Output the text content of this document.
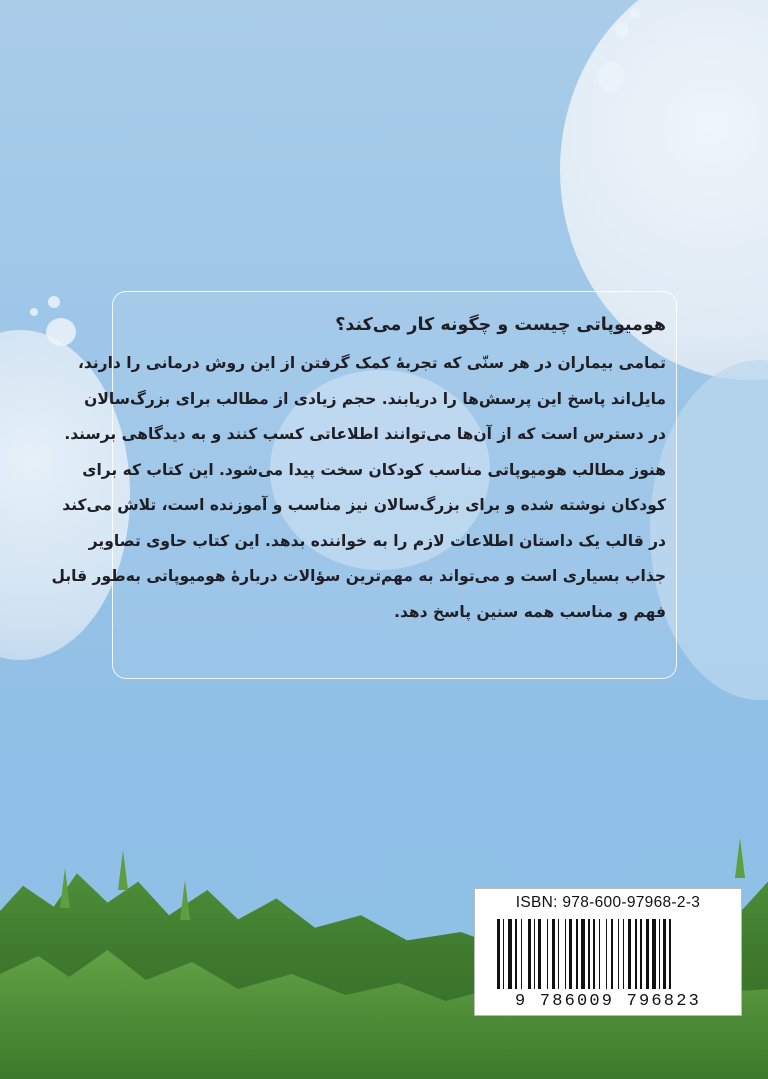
هومیوپاتی چیست و چگونه کار می‌کند؟

تمامی بیماران در هر سنّی که تجربهٔ کمک گرفتن از این روش درمانی را دارند،

مایل‌اند پاسخ این پرسش‌ها را دریابند. حجم زیادی از مطالب برای بزرگ‌سالان

در دسترس است که از آن‌ها می‌توانند اطلاعاتی کسب کنند و به دیدگاهی برسند.

هنوز مطالب هومیوپاتی مناسب کودکان سخت پیدا می‌شود. این کتاب که برای

کودکان نوشته شده و برای بزرگ‌سالان نیز مناسب و آموزنده است، تلاش می‌کند

در قالب یک داستان اطلاعات لازم را به خواننده بدهد. این کتاب حاوی تصاویر

جذاب بسیاری است و می‌تواند به مهم‌ترین سؤالات دربارهٔ هومیوپاتی به‌طور قابل

فهم و مناسب همه سنین پاسخ دهد.

ISBN: 978-600-97968-2-3
9 786009 796823
